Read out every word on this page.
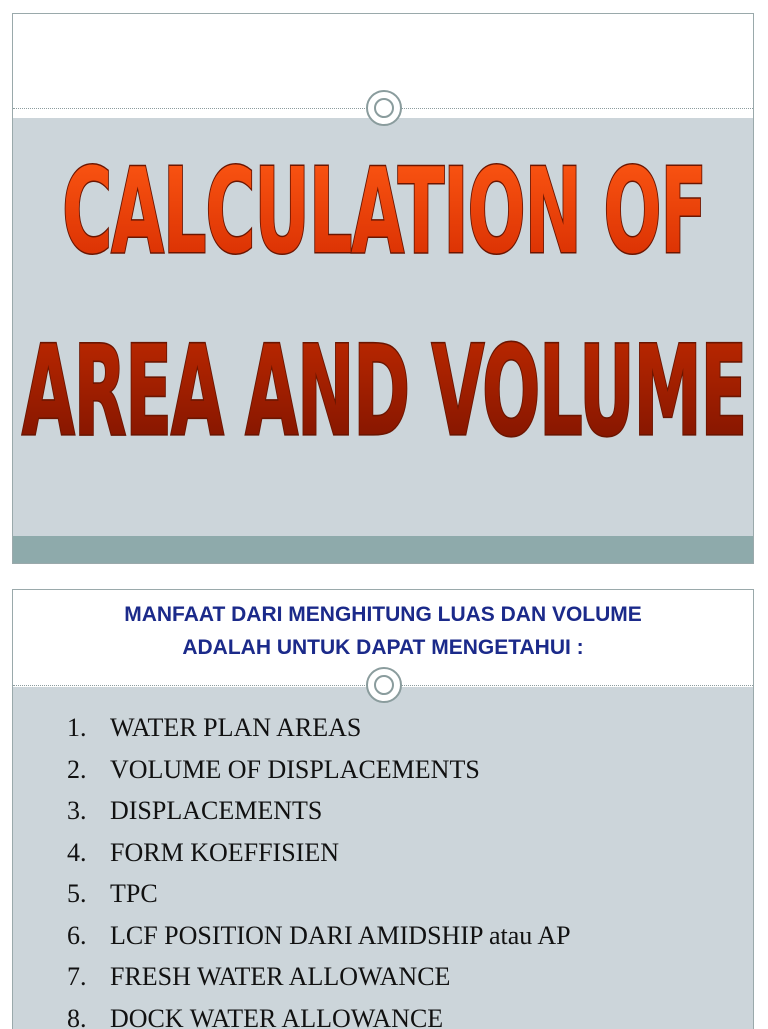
CALCULATION OF
AREA AND VOLUME

MANFAAT DARI MENGHITUNG LUAS DAN VOLUME
ADALAH UNTUK DAPAT MENGETAHUI :

1. WATER PLAN AREAS
2. VOLUME OF DISPLACEMENTS
3. DISPLACEMENTS
4. FORM KOEFFISIEN
5. TPC
6. LCF POSITION DARI AMIDSHIP atau AP
7. FRESH WATER ALLOWANCE
8. DOCK WATER ALLOWANCE
